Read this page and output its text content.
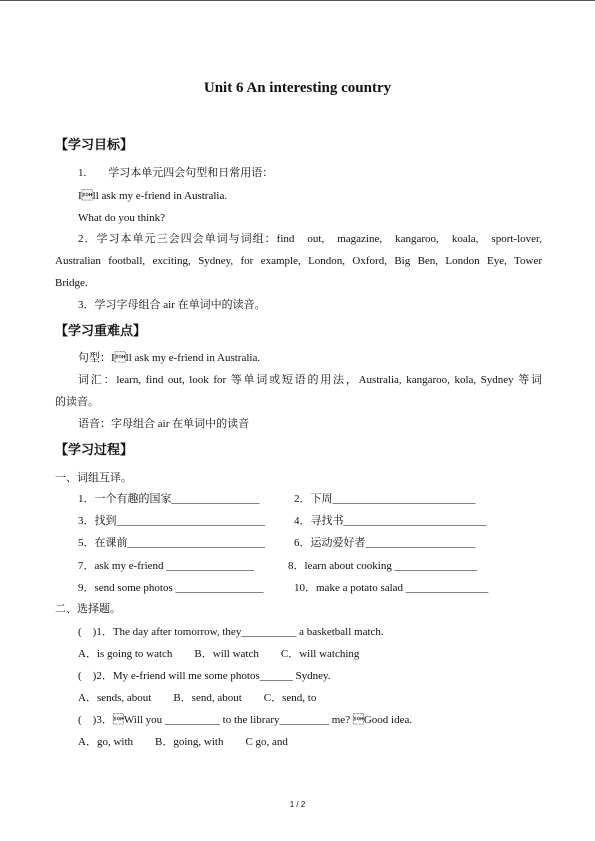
Unit 6 An interesting country
【学习目标】
1.　　学习本单元四会句型和日常用语：
Ill ask my e-friend in Australia.
What do you think?
2．学习本单元三会四会单词与词组：find　out,　magazine,　kangaroo,　koala,　sport-lover,
Australian football, exciting, Sydney, for example, London, Oxford, Big Ben, London Eye, Tower
Bridge.
3．学习字母组合 air 在单词中的读音。
【学习重难点】
句型：Ill ask my e-friend in Australia.
词汇：learn, find out, look for 等单词或短语的用法，Australia, kangaroo, kola, Sydney 等词
的读音。
语音：字母组合 air 在单词中的读音
【学习过程】
一、词组互译。
1．一个有趣的国家________________	2．下周__________________________
3．找到___________________________	4．寻找书__________________________
5．在课前_________________________	6．运动爱好者____________________
7．ask my e-friend ________________	8．learn about cooking _______________
9．send some photos ________________	10．make a potato salad _______________
二、选择题。
(　)1．The day after tomorrow, they__________ a basketball match.
A．is going to watch　　B．will watch　　C．will watching
(　)2．My e-friend will me some photos______ Sydney.
A．sends, about　　B．send, about　　C．send, to
(　)3．Will you __________ to the library_________ me? Good idea.
A．go, with　　B．going, with　　C go, and
1 / 2
